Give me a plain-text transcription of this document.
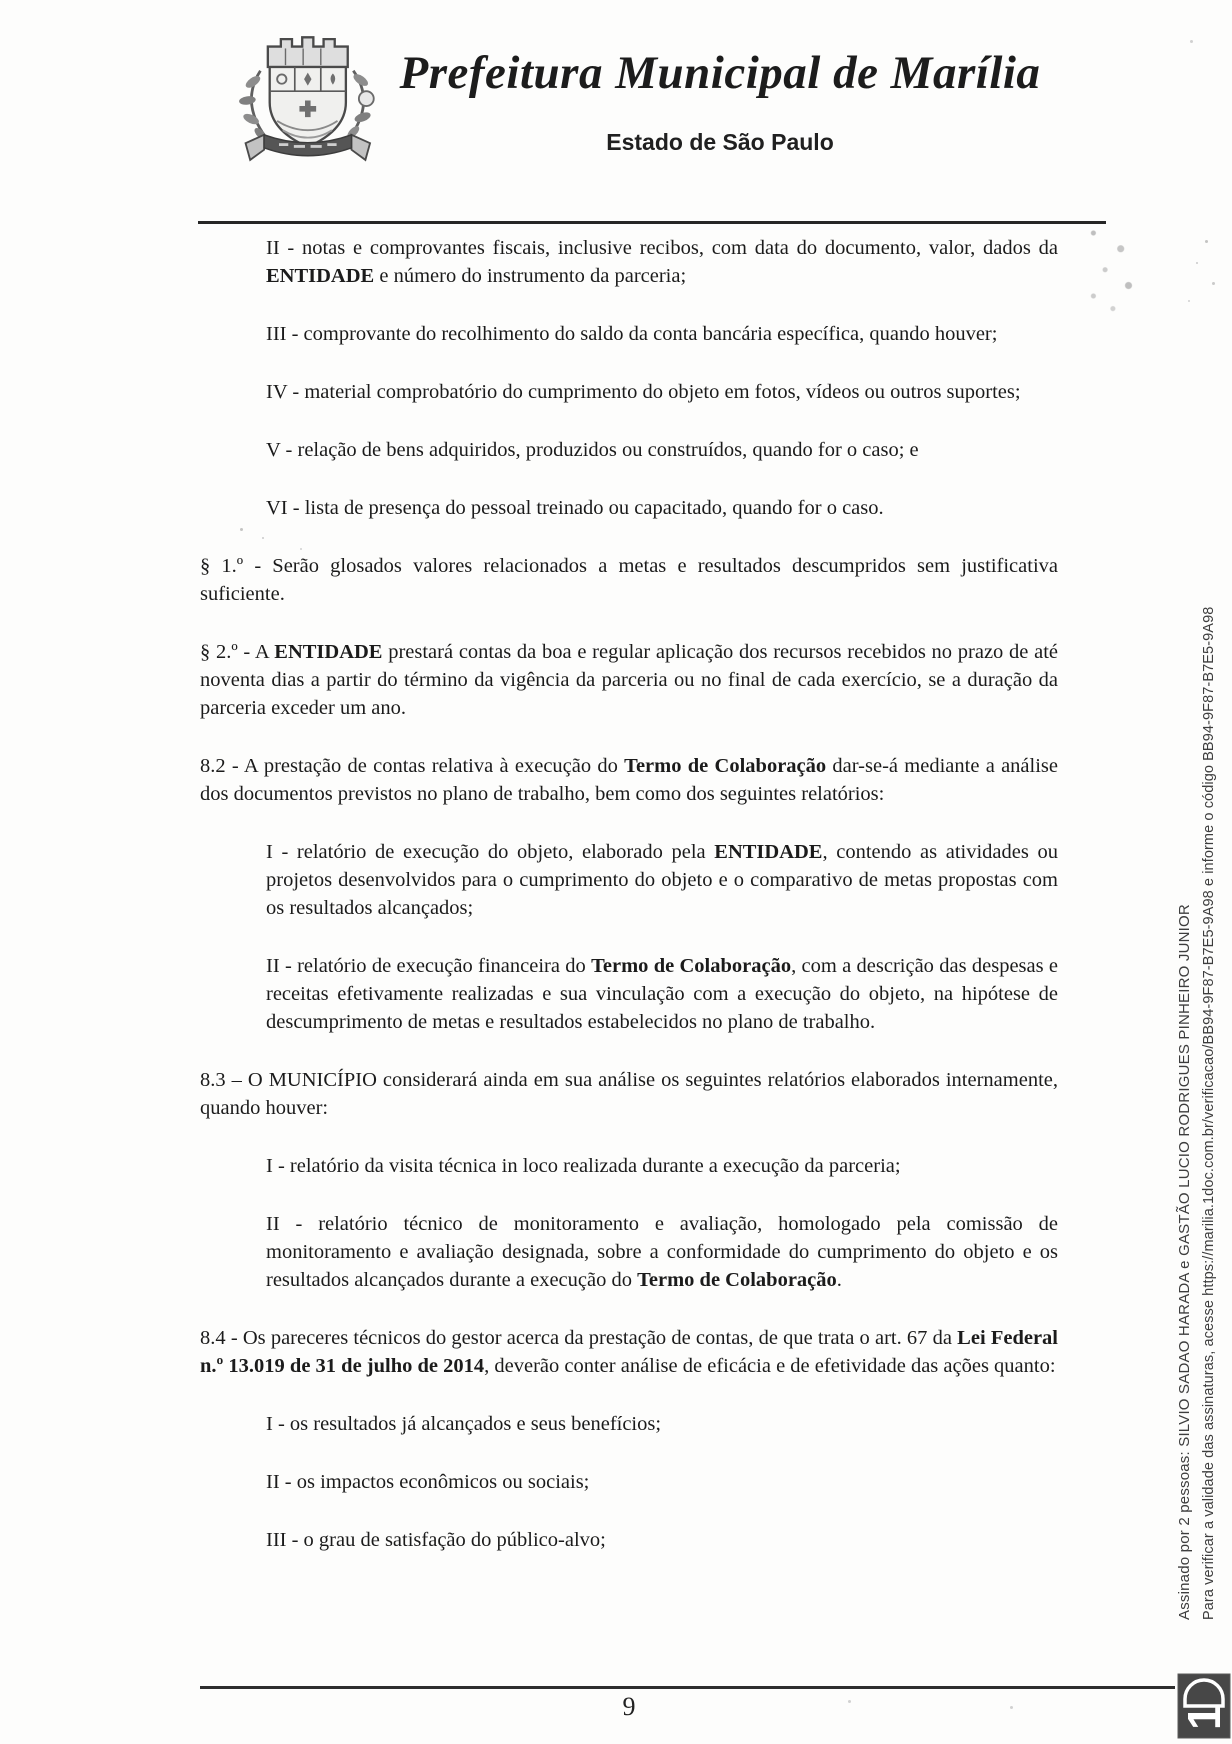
Prefeitura Municipal de Marília
Estado de São Paulo

II - notas e comprovantes fiscais, inclusive recibos, com data do documento, valor, dados da ENTIDADE e número do instrumento da parceria;

III - comprovante do recolhimento do saldo da conta bancária específica, quando houver;

IV - material comprobatório do cumprimento do objeto em fotos, vídeos ou outros suportes;

V - relação de bens adquiridos, produzidos ou construídos, quando for o caso; e

VI - lista de presença do pessoal treinado ou capacitado, quando for o caso.

§ 1.º - Serão glosados valores relacionados a metas e resultados descumpridos sem justificativa suficiente.

§ 2.º - A ENTIDADE prestará contas da boa e regular aplicação dos recursos recebidos no prazo de até noventa dias a partir do término da vigência da parceria ou no final de cada exercício, se a duração da parceria exceder um ano.

8.2 - A prestação de contas relativa à execução do Termo de Colaboração dar-se-á mediante a análise dos documentos previstos no plano de trabalho, bem como dos seguintes relatórios:

I - relatório de execução do objeto, elaborado pela ENTIDADE, contendo as atividades ou projetos desenvolvidos para o cumprimento do objeto e o comparativo de metas propostas com os resultados alcançados;

II - relatório de execução financeira do Termo de Colaboração, com a descrição das despesas e receitas efetivamente realizadas e sua vinculação com a execução do objeto, na hipótese de descumprimento de metas e resultados estabelecidos no plano de trabalho.

8.3 – O MUNICÍPIO considerará ainda em sua análise os seguintes relatórios elaborados internamente, quando houver:

I - relatório da visita técnica in loco realizada durante a execução da parceria;

II - relatório técnico de monitoramento e avaliação, homologado pela comissão de monitoramento e avaliação designada, sobre a conformidade do cumprimento do objeto e os resultados alcançados durante a execução do Termo de Colaboração.

8.4 - Os pareceres técnicos do gestor acerca da prestação de contas, de que trata o art. 67 da Lei Federal n.º 13.019 de 31 de julho de 2014, deverão conter análise de eficácia e de efetividade das ações quanto:

I - os resultados já alcançados e seus benefícios;

II - os impactos econômicos ou sociais;

III - o grau de satisfação do público-alvo;

9
Assinado por 2 pessoas: SILVIO SADAO HARADA e GASTÃO LUCIO RODRIGUES PINHEIRO JUNIOR Para verificar a validade das assinaturas, acesse https://marilia.1doc.com.br/verificacao/BB94-9F87-B7E5-9A98 e informe o código BB94-9F87-B7E5-9A98
1
